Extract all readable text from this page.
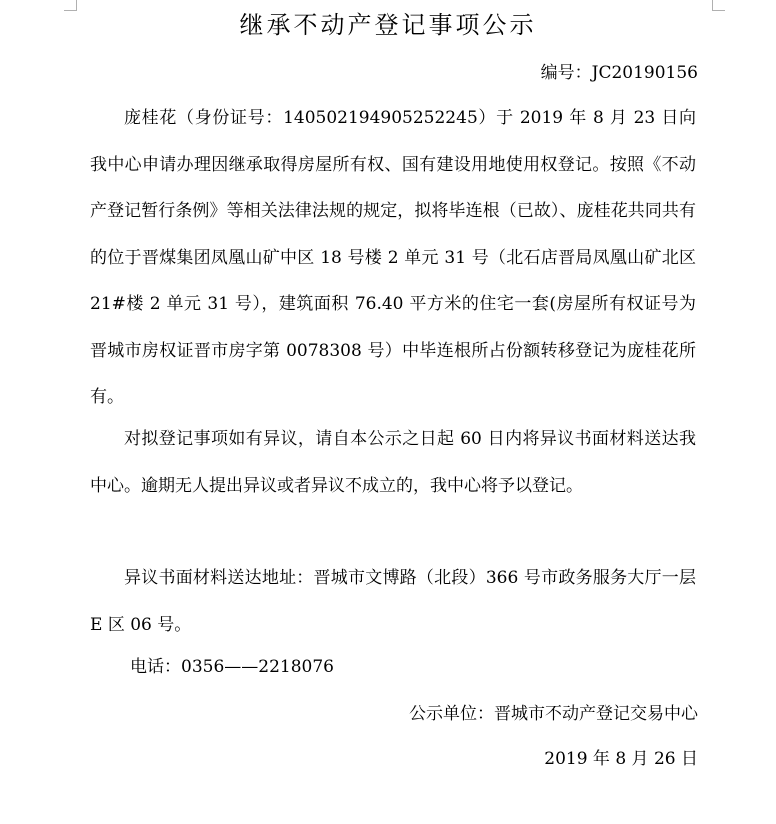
继承不动产登记事项公示
编号：JC20190156

庞桂花（身份证号：140502194905252245）于 2019 年 8 月 23 日向我中心申请办理因继承取得房屋所有权、国有建设用地使用权登记。按照《不动产登记暂行条例》等相关法律法规的规定，拟将毕连根（已故）、庞桂花共同共有的位于晋煤集团凤凰山矿中区 18 号楼 2 单元 31 号（北石店晋局凤凰山矿北区 21#楼 2 单元 31 号），建筑面积 76.40 平方米的住宅一套(房屋所有权证号为晋城市房权证晋市房字第 0078308 号）中毕连根所占份额转移登记为庞桂花所有。

对拟登记事项如有异议，请自本公示之日起 60 日内将异议书面材料送达我中心。逾期无人提出异议或者异议不成立的，我中心将予以登记。

异议书面材料送达地址：晋城市文博路（北段）366 号市政务服务大厅一层 E 区 06 号。

电话：0356——2218076
公示单位：晋城市不动产登记交易中心
2019 年 8 月 26 日
